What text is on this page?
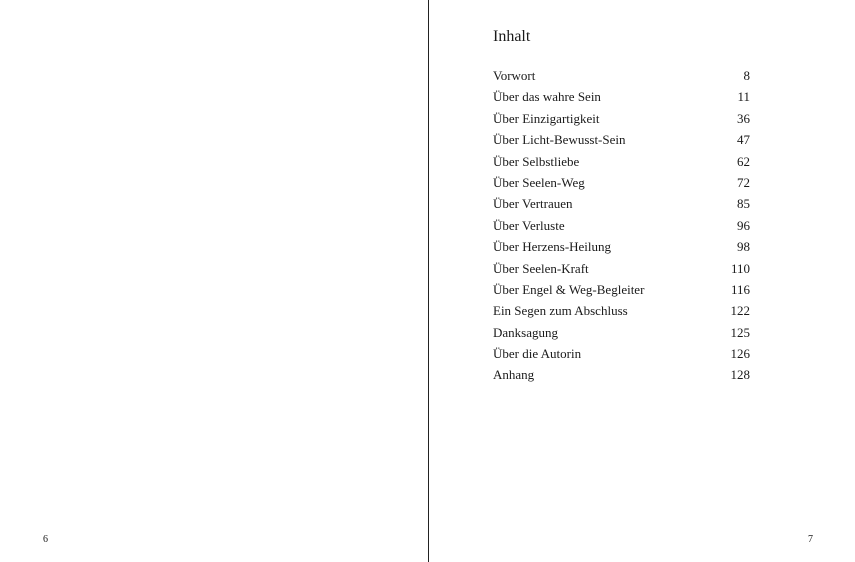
6
Inhalt
Vorwort	8
Über das wahre Sein	11
Über Einzigartigkeit	36
Über Licht-Bewusst-Sein	47
Über Selbstliebe	62
Über Seelen-Weg	72
Über Vertrauen	85
Über Verluste	96
Über Herzens-Heilung	98
Über Seelen-Kraft	110
Über Engel & Weg-Begleiter	116
Ein Segen zum Abschluss	122
Danksagung	125
Über die Autorin	126
Anhang	128
7
